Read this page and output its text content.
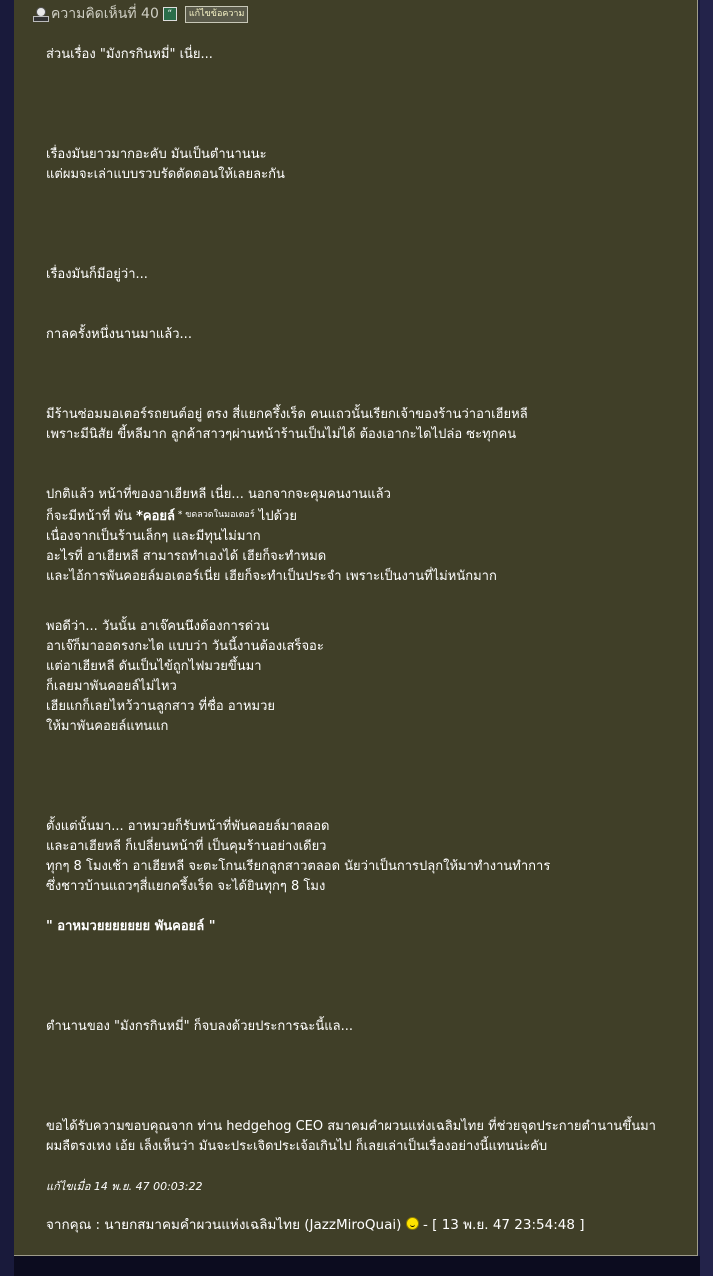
ความคิดเห็นที่ 40 “	แก้ไขข้อความ
ส่วนเรื่อง "มังกรกินหมี่" เนี่ย...
เรื่องมันยาวมากอะคับ มันเป็นตำนานนะ
แต่ผมจะเล่าแบบรวบรัดตัดตอนให้เลยละกัน
เรื่องมันก็มีอยู่ว่า...
กาลครั้งหนึ่งนานมาแล้ว...
มีร้านซ่อมมอเตอร์รถยนต์อยู่ ตรง สี่แยกครึ้งเร็ด คนแถวนั้นเรียกเจ้าของร้านว่าอาเฮียหลี
เพราะมีนิสัย ขี้หลีมาก ลูกค้าสาวๆผ่านหน้าร้านเป็นไม่ได้ ต้องเอากะไดไปล่อ ซะทุกคน
ปกติแล้ว หน้าที่ของอาเฮียหลี เนี่ย... นอกจากจะคุมคนงานแล้ว
ก็จะมีหน้าที่ พัน *คอยล์ $^{* ขดลวดในมอเตอร์}$ ไปด้วย
เนื่องจากเป็นร้านเล็กๆ และมีทุนไม่มาก
อะไรที่ อาเฮียหลี สามารถทำเองได้ เฮียก็จะทำหมด
และไอ้การพันคอยล์มอเตอร์เนี่ย เฮียก็จะทำเป็นประจำ เพราะเป็นงานที่ไม่หนักมาก
พอดีว่า... วันนั้น อาเจ๊คนนึงต้องการด่วน
อาเจ๊ก็มาออดรงกะได แบบว่า วันนี้งานต้องเสร็จอะ
แต่อาเฮียหลี ดันเป็นไข้ถูกไฟมวยขึ้นมา
ก็เลยมาพันคอยล์ไม่ไหว
เฮียแกก็เลยไหว้วานลูกสาว ที่ชื่อ อาหมวย
ให้มาพันคอยล์แทนแก
ตั้งแต่นั้นมา... อาหมวยก็รับหน้าที่พันคอยล์มาตลอด
และอาเฮียหลี ก็เปลี่ยนหน้าที่ เป็นคุมร้านอย่างเดียว
ทุกๆ 8 โมงเช้า อาเฮียหลี จะตะโกนเรียกลูกสาวตลอด นัยว่าเป็นการปลุกให้มาทำงานทำการ
ซึ่งชาวบ้านแถวๆสี่แยกครึ้งเร็ด จะได้ยินทุกๆ 8 โมง
" อาหมวยยยยยยย พันคอยล์ "
ตำนานของ "มังกรกินหมี่" ก็จบลงด้วยประการฉะนี้แล...
ขอได้รับความขอบคุณจาก ท่าน hedgehog CEO สมาคมคำผวนแห่งเฉลิมไทย ที่ช่วยจุดประกายตำนานขึ้นมา
ผมลืตรงเหง เอ้ย เล็งเห็นว่า มันจะประเจิดประเจ้อเกินไป ก็เลยเล่าเป็นเรื่องอย่างนี้แทนน่ะคับ
แก้ไขเมื่อ 14 พ.ย. 47 00:03:22
จากคุณ : นายกสมาคมคำผวนแห่งเฉลิมไทย (JazzMiroQuai)  - [ 13 พ.ย. 47 23:54:48 ]
